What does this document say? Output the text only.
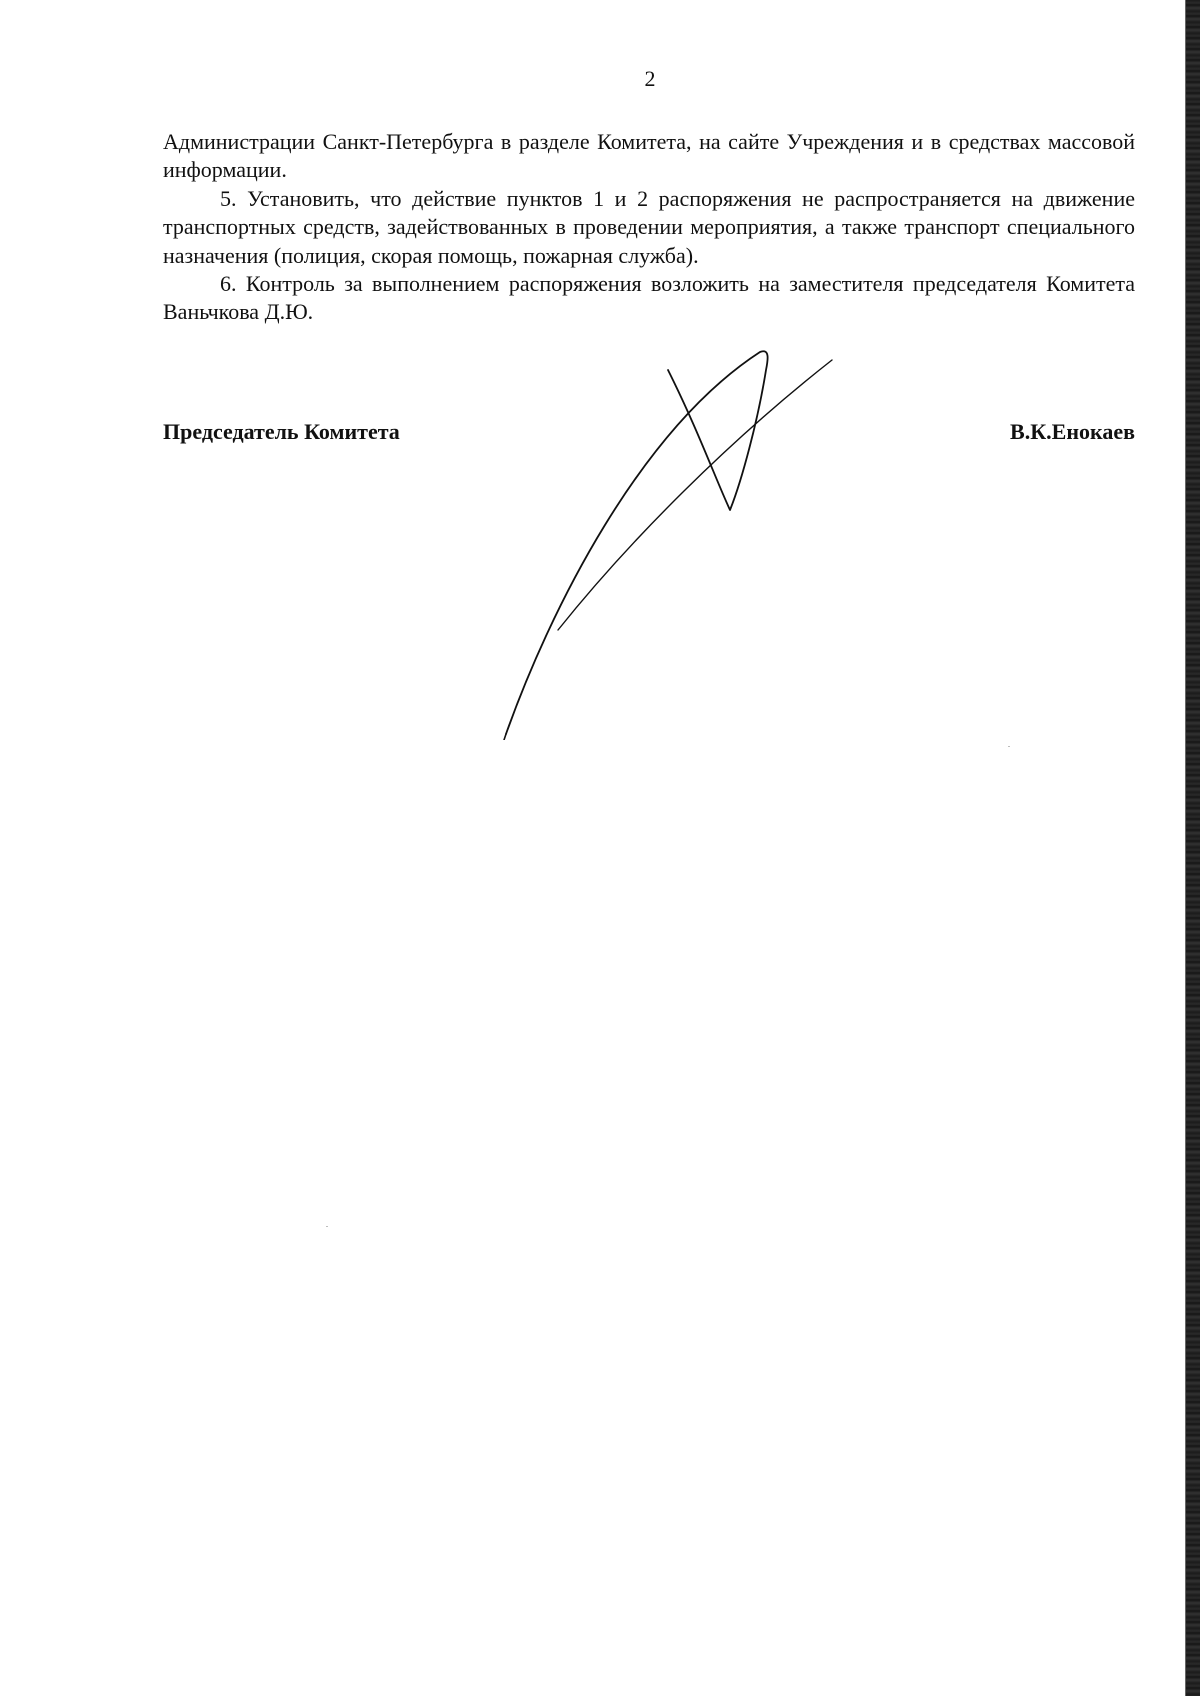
2

Администрации Санкт-Петербурга в разделе Комитета, на сайте Учреждения и в средствах массовой информации.

5. Установить, что действие пунктов 1 и 2 распоряжения не распространяется на движение транспортных средств, задействованных в проведении мероприятия, а также транспорт специального назначения (полиция, скорая помощь, пожарная служба).

6. Контроль за выполнением распоряжения возложить на заместителя председателя Комитета Ваньчкова Д.Ю.

Председатель Комитета	В.К.Енокаев
